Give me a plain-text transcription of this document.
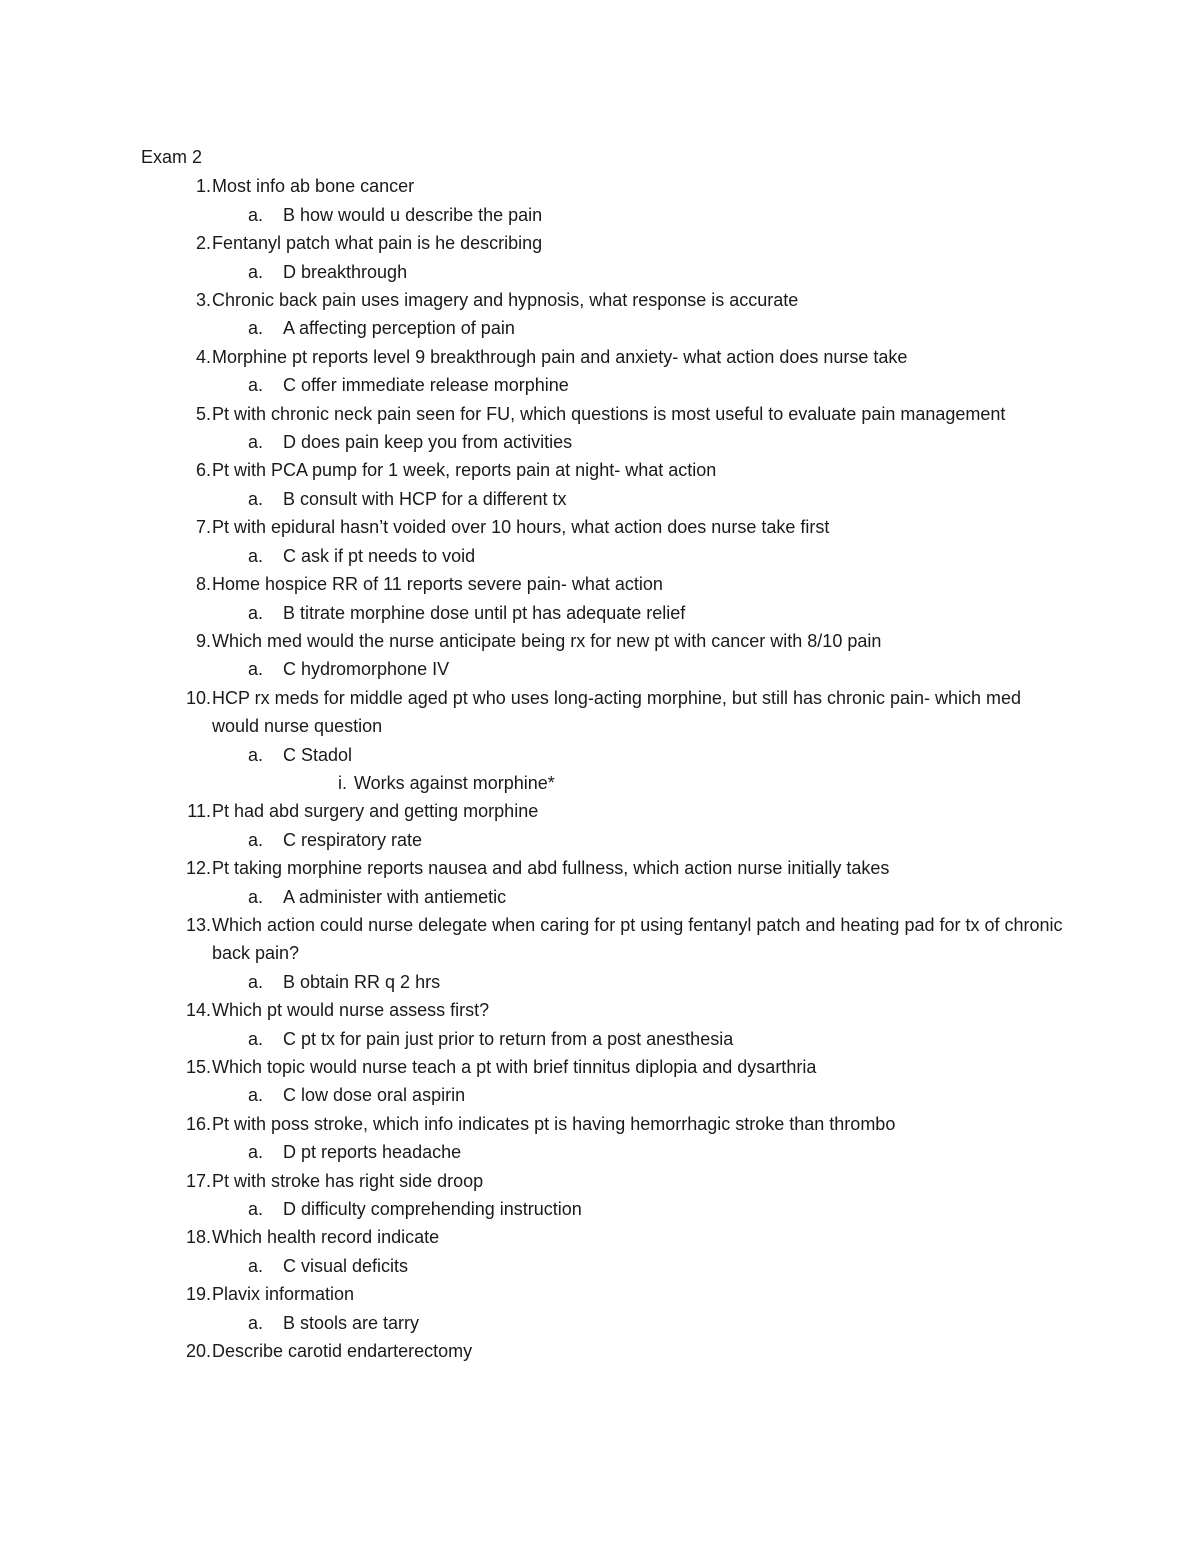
Exam 2
1 . Most info ab bone cancer
a .	B how would u describe the pain
2 . Fentanyl patch what pain is he describing
a .	D breakthrough
3 . Chronic back pain uses imagery and hypnosis, what response is accurate
a .	A affecting perception of pain
4 . Morphine pt reports level 9 breakthrough pain and anxiety- what action does nurse take
a .	C offer immediate release morphine
5 . Pt with chronic neck pain seen for FU, which questions is most useful to evaluate pain management
a .	D does pain keep you from activities
6 . Pt with PCA pump for 1 week, reports pain at night- what action
a .	B consult with HCP for a different tx
7 . Pt with epidural hasn’t voided over 10 hours, what action does nurse take first
a .	C ask if pt needs to void
8 . Home hospice RR of 11 reports severe pain- what action
a .	B titrate morphine dose until pt has adequate relief
9 . Which med would the nurse anticipate being rx for new pt with cancer with 8/10 pain
a .	C hydromorphone IV
10 . HCP rx meds for middle aged pt who uses long-acting morphine, but still has chronic pain- which med would nurse question
a .	C Stadol
i . Works against morphine*
11 . Pt had abd surgery and getting morphine
a .	C respiratory rate
12 . Pt taking morphine reports nausea and abd fullness, which action nurse initially takes
a .	A administer with antiemetic
13 . Which action could nurse delegate when caring for pt using fentanyl patch and heating pad for tx of chronic back pain?
a .	B obtain RR q 2 hrs
14 . Which pt would nurse assess first?
a .	C pt tx for pain just prior to return from a post anesthesia
15 . Which topic would nurse teach a pt with brief tinnitus diplopia and dysarthria
a .	C low dose oral aspirin
16 . Pt with poss stroke, which info indicates pt is having hemorrhagic stroke than thrombo
a .	D pt reports headache
17 . Pt with stroke has right side droop
a .	D difficulty comprehending instruction
18 . Which health record indicate
a .	C visual deficits
19 . Plavix information
a .	B stools are tarry
20 . Describe carotid endarterectomy
